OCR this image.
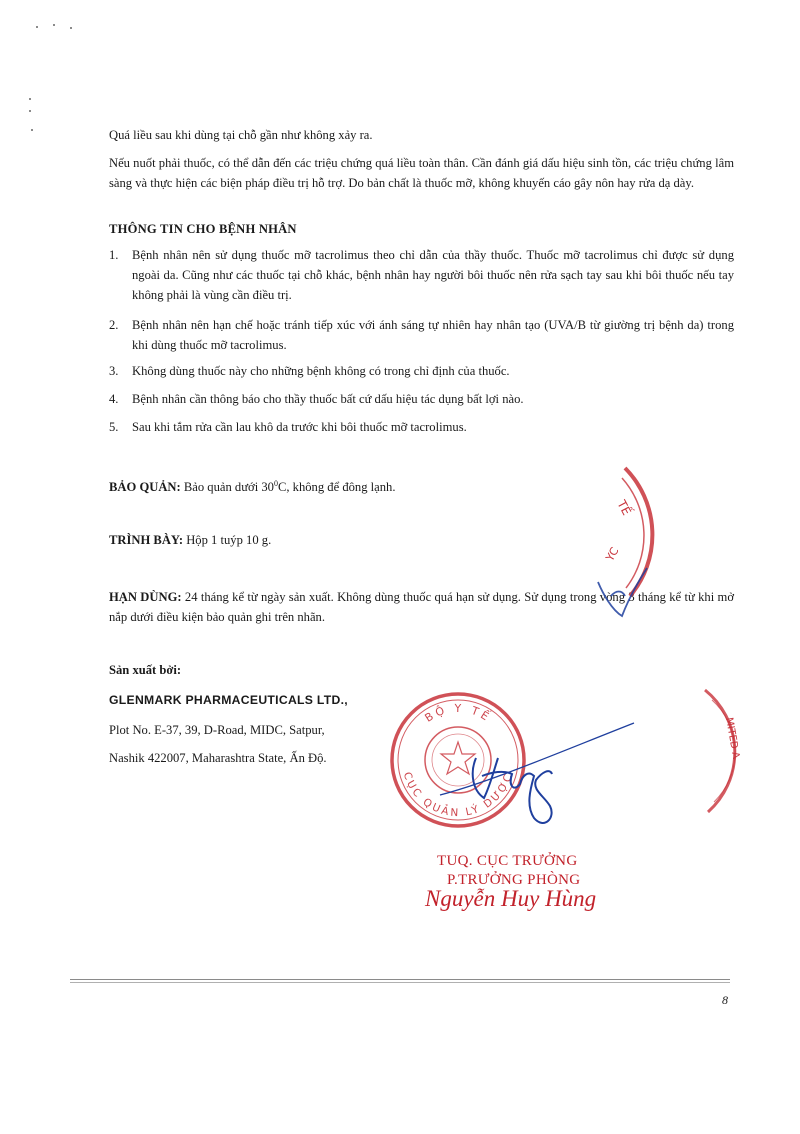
Quá liều sau khi dùng tại chỗ gần như không xảy ra.
Nếu nuốt phải thuốc, có thể dẫn đến các triệu chứng quá liều toàn thân. Cần đánh giá dấu hiệu sinh tồn, các triệu chứng lâm sàng và thực hiện các biện pháp điều trị hỗ trợ. Do bản chất là thuốc mỡ, không khuyến cáo gây nôn hay rửa dạ dày.
THÔNG TIN CHO BỆNH NHÂN
1.	Bệnh nhân nên sử dụng thuốc mỡ tacrolimus theo chỉ dẫn của thầy thuốc. Thuốc mỡ tacrolimus chỉ được sử dụng ngoài da. Cũng như các thuốc tại chỗ khác, bệnh nhân hay người bôi thuốc nên rửa sạch tay sau khi bôi thuốc nếu tay không phải là vùng cần điều trị.
2.	Bệnh nhân nên hạn chế hoặc tránh tiếp xúc với ánh sáng tự nhiên hay nhân tạo (UVA/B từ giường trị bệnh da) trong khi dùng thuốc mỡ tacrolimus.
3.	Không dùng thuốc này cho những bệnh không có trong chỉ định của thuốc.
4.	Bệnh nhân cần thông báo cho thầy thuốc bất cứ dấu hiệu tác dụng bất lợi nào.
5.	Sau khi tắm rửa cần lau khô da trước khi bôi thuốc mỡ tacrolimus.
BẢO QUẢN: Bảo quản dưới $30^0C$, không để đông lạnh.
TRÌNH BÀY: Hộp 1 tuýp 10 g.
HẠN DÙNG: 24 tháng kể từ ngày sản xuất. Không dùng thuốc quá hạn sử dụng. Sử dụng trong vòng 3 tháng kể từ khi mở nắp dưới điều kiện bảo quản ghi trên nhãn.
Sản xuất bởi:
GLENMARK PHARMACEUTICALS LTD.,
Plot No. E-37, 39, D-Road, MIDC, Satpur,
Nashik 422007, Maharashtra State, Ấn Độ.
TẾ
YC
BỘ Y TẾ
CỤC QUẢN LÝ DƯỢC
MITED A
TUQ. CỤC TRƯỞNG
P.TRƯỞNG PHÒNG
Nguyễn Huy Hùng
8
